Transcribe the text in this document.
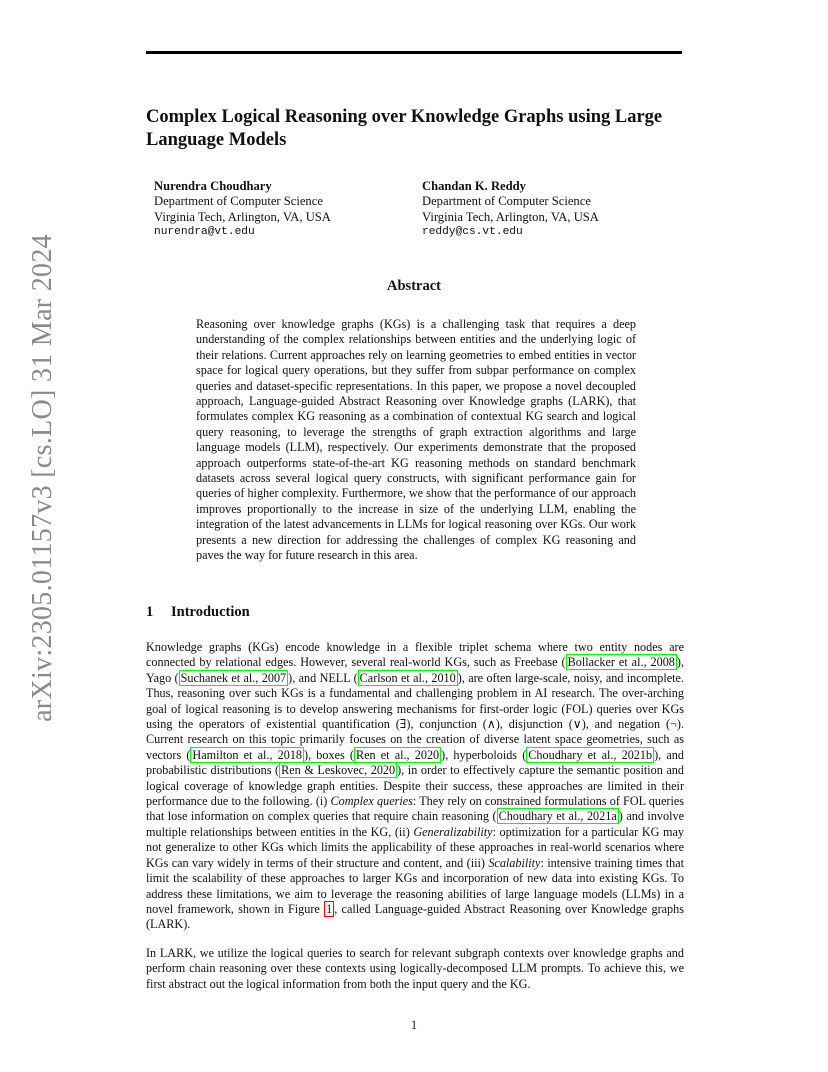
arXiv:2305.01157v3 [cs.LO] 31 Mar 2024
Complex Logical Reasoning over Knowledge Graphs using Large Language Models
Nurendra Choudhary
Department of Computer Science
Virginia Tech, Arlington, VA, USA
nurendra@vt.edu
Chandan K. Reddy
Department of Computer Science
Virginia Tech, Arlington, VA, USA
reddy@cs.vt.edu
Abstract

Reasoning over knowledge graphs (KGs) is a challenging task that requires a deep understanding of the complex relationships between entities and the underlying logic of their relations. Current approaches rely on learning geometries to embed entities in vector space for logical query operations, but they suffer from subpar performance on complex queries and dataset-specific representations. In this paper, we propose a novel decoupled approach, Language-guided Abstract Reasoning over Knowledge graphs (LARK), that formulates complex KG reasoning as a combination of contextual KG search and logical query reasoning, to leverage the strengths of graph extraction algorithms and large language models (LLM), respectively. Our experiments demonstrate that the proposed approach outperforms state-of-the-art KG reasoning methods on standard benchmark datasets across several logical query constructs, with significant performance gain for queries of higher complexity. Furthermore, we show that the performance of our approach improves proportionally to the increase in size of the underlying LLM, enabling the integration of the latest advancements in LLMs for logical reasoning over KGs. Our work presents a new direction for addressing the challenges of complex KG reasoning and paves the way for future research in this area.

1 Introduction

Knowledge graphs (KGs) encode knowledge in a flexible triplet schema where two entity nodes are connected by relational edges. However, several real-world KGs, such as Freebase ( Bollacker et al., 2008 ), Yago ( Suchanek et al., 2007 ), and NELL ( Carlson et al., 2010 ), are often large-scale, noisy, and incomplete. Thus, reasoning over such KGs is a fundamental and challenging problem in AI research. The over-arching goal of logical reasoning is to develop answering mechanisms for first-order logic (FOL) queries over KGs using the operators of existential quantification (∃), conjunction (∧), disjunction (∨), and negation (¬). Current research on this topic primarily focuses on the creation of diverse latent space geometries, such as vectors ( Hamilton et al., 2018 ), boxes ( Ren et al., 2020 ), hyperboloids ( Choudhary et al., 2021b ), and probabilistic distributions ( Ren & Leskovec, 2020 ), in order to effectively capture the semantic position and logical coverage of knowledge graph entities. Despite their success, these approaches are limited in their performance due to the following. (i) Complex queries: They rely on constrained formulations of FOL queries that lose information on complex queries that require chain reasoning ( Choudhary et al., 2021a ) and involve multiple relationships between entities in the KG, (ii) Generalizability: optimization for a particular KG may not generalize to other KGs which limits the applicability of these approaches in real-world scenarios where KGs can vary widely in terms of their structure and content, and (iii) Scalability: intensive training times that limit the scalability of these approaches to larger KGs and incorporation of new data into existing KGs. To address these limitations, we aim to leverage the reasoning abilities of large language models (LLMs) in a novel framework, shown in Figure 1 , called Language-guided Abstract Reasoning over Knowledge graphs (LARK).

In LARK, we utilize the logical queries to search for relevant subgraph contexts over knowledge graphs and perform chain reasoning over these contexts using logically-decomposed LLM prompts. To achieve this, we first abstract out the logical information from both the input query and the KG.

1
